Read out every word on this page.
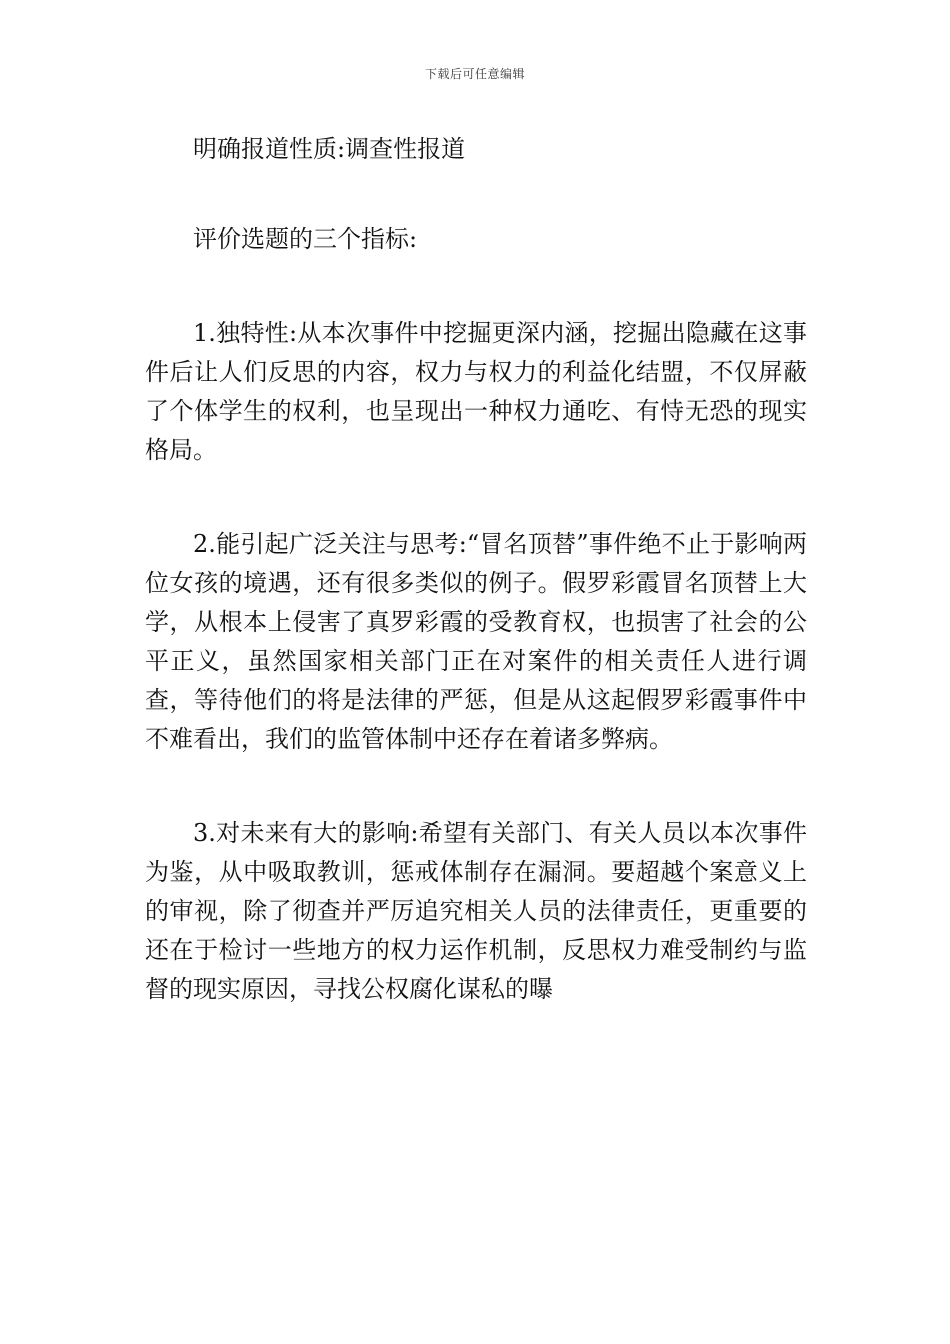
下载后可任意编辑

明确报道性质:调查性报道

评价选题的三个指标:

1.独特性:从本次事件中挖掘更深内涵，挖掘出隐藏在这事件后让人们反思的内容，权力与权力的利益化结盟，不仅屏蔽了个体学生的权利，也呈现出一种权力通吃、有恃无恐的现实格局。

2.能引起广泛关注与思考:“冒名顶替”事件绝不止于影响两位女孩的境遇，还有很多类似的例子。假罗彩霞冒名顶替上大学，从根本上侵害了真罗彩霞的受教育权，也损害了社会的公平正义，虽然国家相关部门正在对案件的相关责任人进行调查，等待他们的将是法律的严惩，但是从这起假罗彩霞事件中不难看出，我们的监管体制中还存在着诸多弊病。

3.对未来有大的影响:希望有关部门、有关人员以本次事件为鉴，从中吸取教训，惩戒体制存在漏洞。要超越个案意义上的审视，除了彻查并严厉追究相关人员的法律责任，更重要的还在于检讨一些地方的权力运作机制，反思权力难受制约与监督的现实原因，寻找公权腐化谋私的曝
